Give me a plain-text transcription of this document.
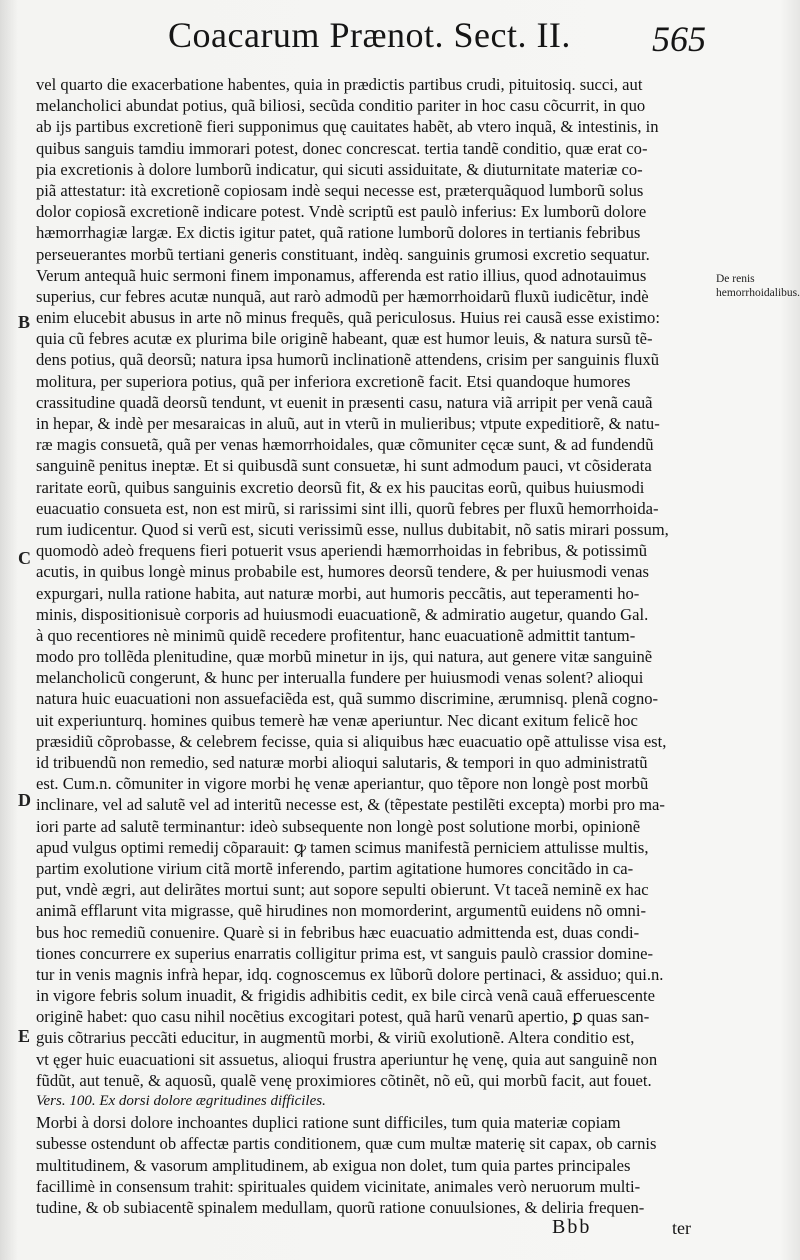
Coacarum Prænot. Sect. II. 565
vel quarto die exacerbatione habentes, quia in prædictis partibus crudi, pituitosiq. succi, aut
melancholici abundat potius, quã biliosi, secũda conditio pariter in hoc casu cõcurrit, in quo
ab ijs partibus excretionẽ fieri supponimus quę cauitates habẽt, ab vtero inquã, & intestinis, in
quibus sanguis tamdiu immorari potest, donec concrescat. tertia tandẽ conditio, quæ erat co-
pia excretionis à dolore lumborũ indicatur, qui sicuti assiduitate, & diuturnitate materiæ co-
piã attestatur: ità excretionẽ copiosam indè sequi necesse est, præterquãquod lumborũ solus
dolor copiosã excretionẽ indicare potest. Vndè scriptũ est paulò inferius: Ex lumborũ dolore
hæmorrhagiæ largæ. Ex dictis igitur patet, quã ratione lumborũ dolores in tertianis febribus
perseuerantes morbũ tertiani generis constituant, indèq. sanguinis grumosi excretio sequatur.
Verum antequã huic sermoni finem imponamus, afferenda est ratio illius, quod adnotauimus
superius, cur febres acutæ nunquã, aut rarò admodũ per hæmorrhoidarũ fluxũ iudicẽtur, indè
enim elucebit abusus in arte nõ minus frequẽs, quã periculosus. Huius rei causã esse existimo:
quia cũ febres acutæ ex plurima bile originẽ habeant, quæ est humor leuis, & natura sursũ tẽ-
dens potius, quã deorsũ; natura ipsa humorũ inclinationẽ attendens, crisim per sanguinis fluxũ
molitura, per superiora potius, quã per inferiora excretionẽ facit. Etsi quandoque humores
crassitudine quadã deorsũ tendunt, vt euenit in præsenti casu, natura viã arripit per venã cauã
in hepar, & indè per mesaraicas in aluũ, aut in vterũ in mulieribus; vtpute expeditiorẽ, & natu-
ræ magis consuetã, quã per venas hæmorrhoidales, quæ cõmuniter cęcæ sunt, & ad fundendũ
sanguinẽ penitus ineptæ. Et si quibusdã sunt consuetæ, hi sunt admodum pauci, vt cõsiderata
raritate eorũ, quibus sanguinis excretio deorsũ fit, & ex his paucitas eorũ, quibus huiusmodi
euacuatio consueta est, non est mirũ, si rarissimi sint illi, quorũ febres per fluxũ hemorrhoida-
rum iudicentur. Quod si verũ est, sicuti verissimũ esse, nullus dubitabit, nõ satis mirari possum,
quomodò adeò frequens fieri potuerit vsus aperiendi hæmorrhoidas in febribus, & potissimũ
acutis, in quibus longè minus probabile est, humores deorsũ tendere, & per huiusmodi venas
expurgari, nulla ratione habita, aut naturæ morbi, aut humoris peccãtis, aut teperamenti ho-
minis, dispositionisuè corporis ad huiusmodi euacuationẽ, & admiratio augetur, quando Gal.
à quo recentiores nè minimũ quidẽ recedere profitentur, hanc euacuationẽ admittit tantum-
modo pro tollẽda plenitudine, quæ morbũ minetur in ijs, qui natura, aut genere vitæ sanguinẽ
melancholicũ congerunt, & hunc per interualla fundere per huiusmodi venas solent? alioqui
natura huic euacuationi non assuefaciẽda est, quã summo discrimine, ærumnisq. plenã cogno-
uit experiunturq. homines quibus temerè hæ venæ aperiuntur. Nec dicant exitum felicẽ hoc
præsidiũ cõprobasse, & celebrem fecisse, quia si aliquibus hæc euacuatio opẽ attulisse visa est,
id tribuendũ non remedio, sed naturæ morbi alioqui salutaris, & tempori in quo administratũ
est. Cum.n. cõmuniter in vigore morbi hę venæ aperiantur, quo tẽpore non longè post morbũ
inclinare, vel ad salutẽ vel ad interitũ necesse est, & (tẽpestate pestilẽti excepta) morbi pro ma-
iori parte ad salutẽ terminantur: ideò subsequente non longè post solutione morbi, opinionẽ
apud vulgus optimi remedij cõparauit: ꝙ tamen scimus manifestã perniciem attulisse multis,
partim exolutione virium citã mortẽ inferendo, partim agitatione humores concitãdo in ca-
put, vndè ægri, aut delirãtes mortui sunt; aut sopore sepulti obierunt. Vt taceã neminẽ ex hac
animã efflarunt vita migrasse, quẽ hirudines non momorderint, argumentũ euidens nõ omni-
bus hoc remediũ conuenire. Quarè si in febribus hæc euacuatio admittenda est, duas condi-
tiones concurrere ex superius enarratis colligitur prima est, vt sanguis paulò crassior domine-
tur in venis magnis infrà hepar, idq. cognoscemus ex lũborũ dolore pertinaci, & assiduo; qui.n.
in vigore febris solum inuadit, & frigidis adhibitis cedit, ex bile circà venã cauã efferuescente
originẽ habet: quo casu nihil nocẽtius excogitari potest, quã harũ venarũ apertio, ꝑ quas san-
guis cõtrarius peccãti educitur, in augmentũ morbi, & viriũ exolutionẽ. Altera conditio est,
vt ęger huic euacuationi sit assuetus, alioqui frustra aperiuntur hę venę, quia aut sanguinẽ non
fũdũt, aut tenuẽ, & aquosũ, qualẽ venę proximiores cõtinẽt, nõ eũ, qui morbũ facit, aut fouet.
Vers. 100. Ex dorsi dolore ægritudines difficiles.
Morbi à dorsi dolore inchoantes duplici ratione sunt difficiles, tum quia materiæ copiam
subesse ostendunt ob affectæ partis conditionem, quæ cum multæ materię sit capax, ob carnis
multitudinem, & vasorum amplitudinem, ab exigua non dolet, tum quia partes principales
facillimè in consensum trahit: spirituales quidem vicinitate, animales verò neruorum multi-
tudine, & ob subiacentẽ spinalem medullam, quorũ ratione conuulsiones, & deliria frequen-
De renis hemorrhoidalibus.
B
C
D
E
Bbb	ter
